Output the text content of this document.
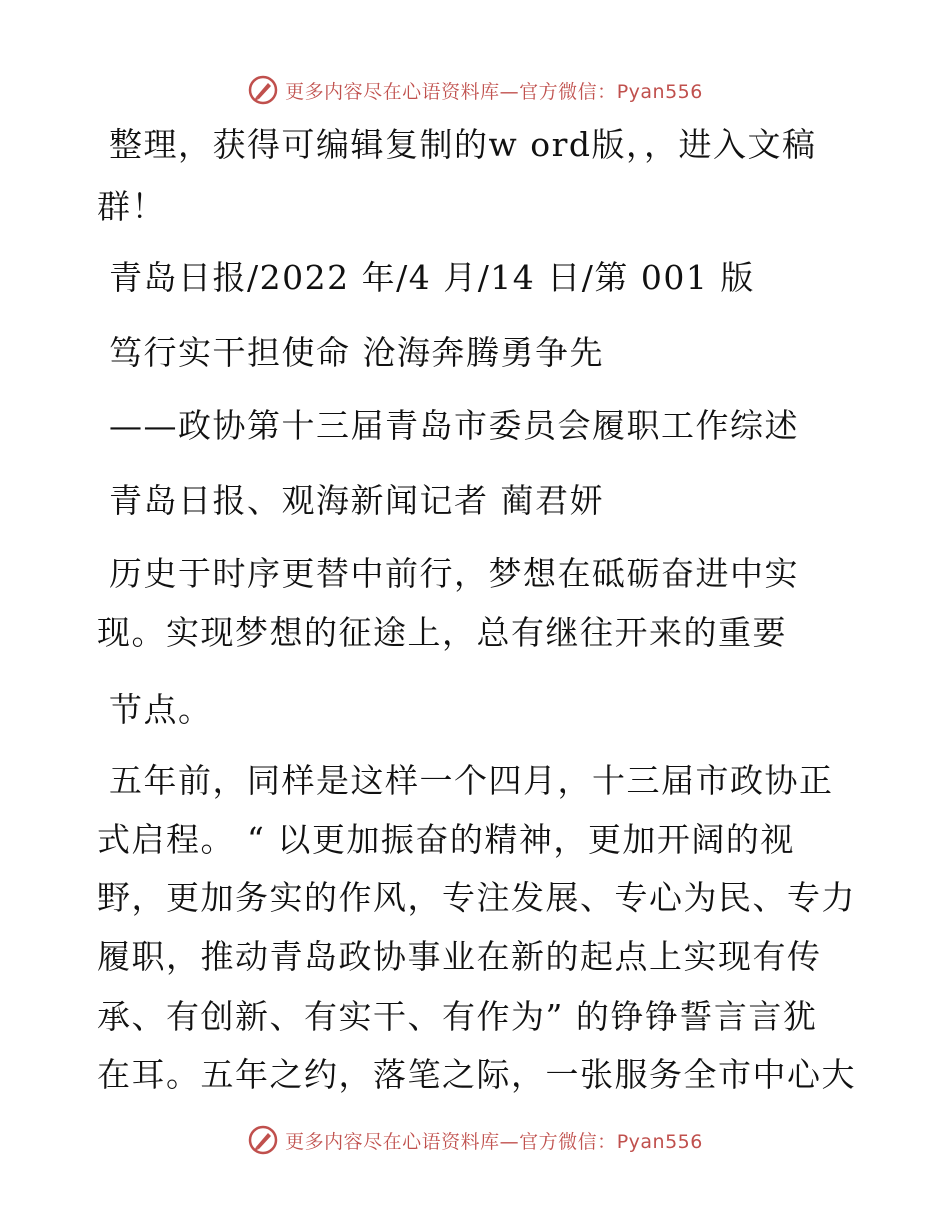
更多内容尽在心语资料库—官方微信：Pyan556
整理，获得可编辑复制的w ord版，，进入文稿
群！
青岛日报/2022 年/4 月/14 日/第 001 版
笃行实干担使命 沧海奔腾勇争先
——政协第十三届青岛市委员会履职工作综述
青岛日报、观海新闻记者 蔺君妍
历史于时序更替中前行，梦想在砥砺奋进中实
现。实现梦想的征途上，总有继往开来的重要
节点。
五年前，同样是这样一个四月，十三届市政协正
式启程。 “ 以更加振奋的精神，更加开阔的视
野，更加务实的作风，专注发展、专心为民、专力
履职，推动青岛政协事业在新的起点上实现有传
承、有创新、有实干、有作为” 的铮铮誓言言犹
在耳。五年之约，落笔之际，一张服务全市中心大
更多内容尽在心语资料库—官方微信：Pyan556
